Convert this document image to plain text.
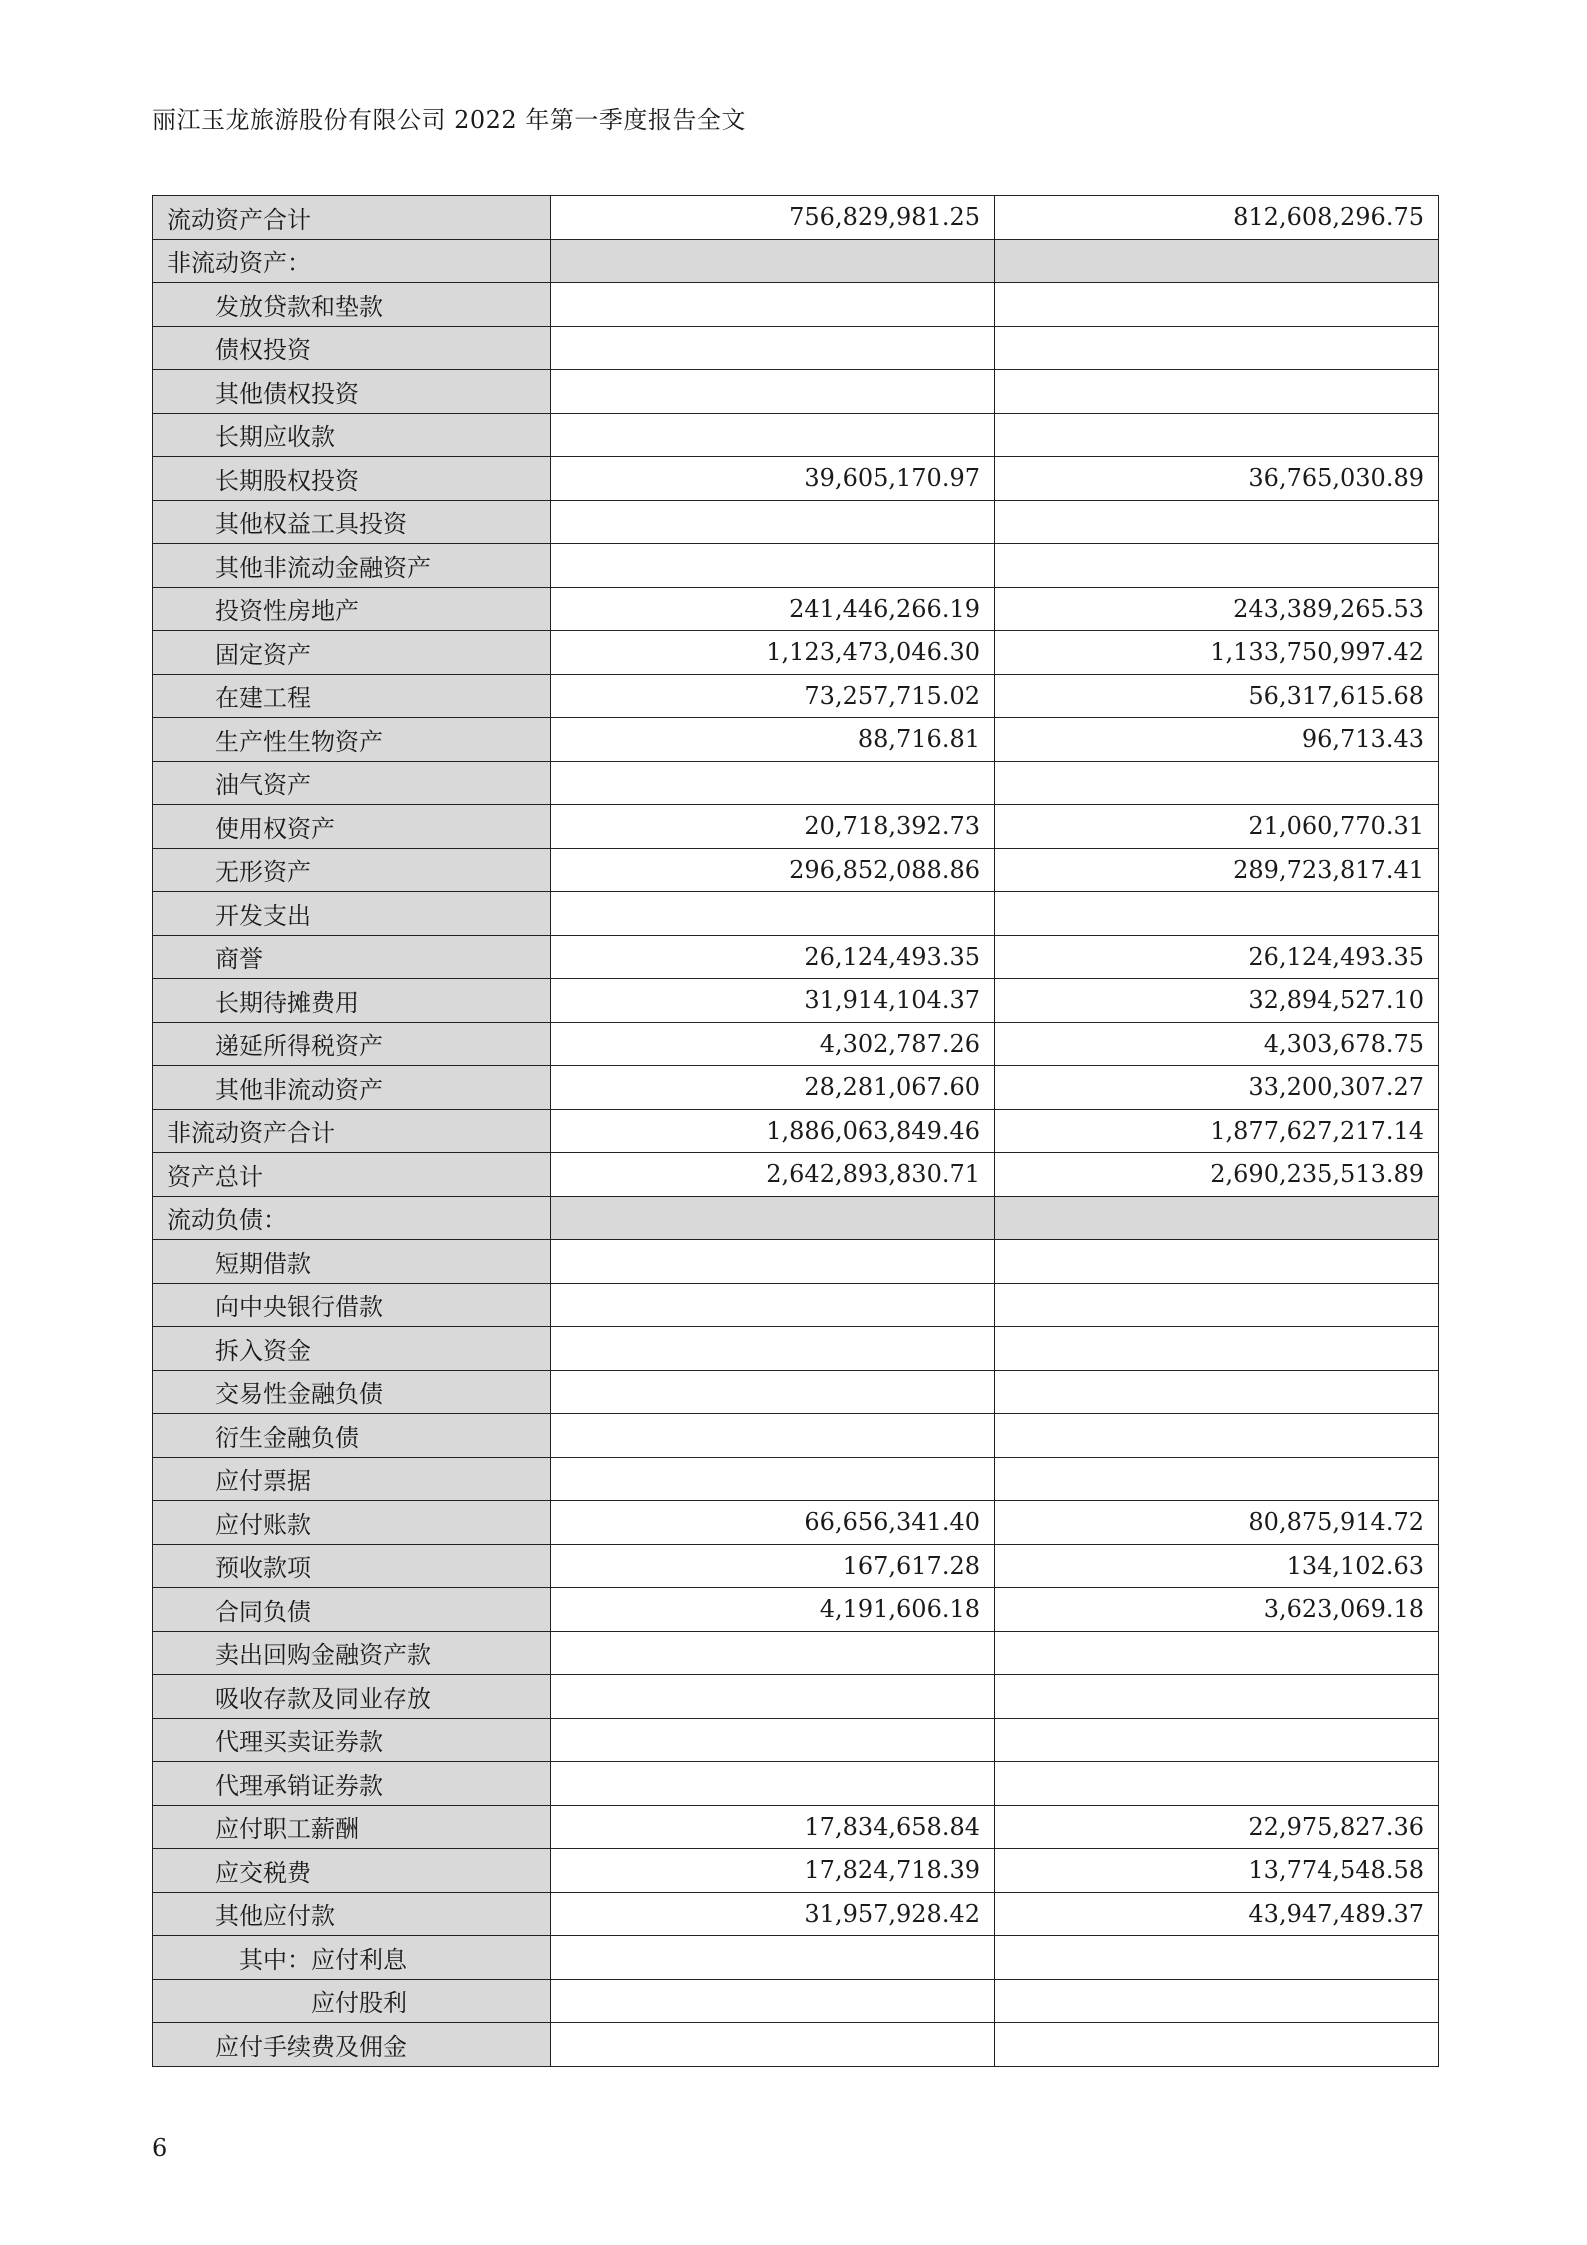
丽江玉龙旅游股份有限公司 2022 年第一季度报告全文
流动资产合计	756,829,981.25	812,608,296.75
非流动资产：		
发放贷款和垫款		
债权投资		
其他债权投资		
长期应收款		
长期股权投资	39,605,170.97	36,765,030.89
其他权益工具投资		
其他非流动金融资产		
投资性房地产	241,446,266.19	243,389,265.53
固定资产	1,123,473,046.30	1,133,750,997.42
在建工程	73,257,715.02	56,317,615.68
生产性生物资产	88,716.81	96,713.43
油气资产		
使用权资产	20,718,392.73	21,060,770.31
无形资产	296,852,088.86	289,723,817.41
开发支出		
商誉	26,124,493.35	26,124,493.35
长期待摊费用	31,914,104.37	32,894,527.10
递延所得税资产	4,302,787.26	4,303,678.75
其他非流动资产	28,281,067.60	33,200,307.27
非流动资产合计	1,886,063,849.46	1,877,627,217.14
资产总计	2,642,893,830.71	2,690,235,513.89
流动负债：		
短期借款		
向中央银行借款		
拆入资金		
交易性金融负债		
衍生金融负债		
应付票据		
应付账款	66,656,341.40	80,875,914.72
预收款项	167,617.28	134,102.63
合同负债	4,191,606.18	3,623,069.18
卖出回购金融资产款		
吸收存款及同业存放		
代理买卖证券款		
代理承销证券款		
应付职工薪酬	17,834,658.84	22,975,827.36
应交税费	17,824,718.39	13,774,548.58
其他应付款	31,957,928.42	43,947,489.37
其中：应付利息		
应付股利		
应付手续费及佣金		
6
